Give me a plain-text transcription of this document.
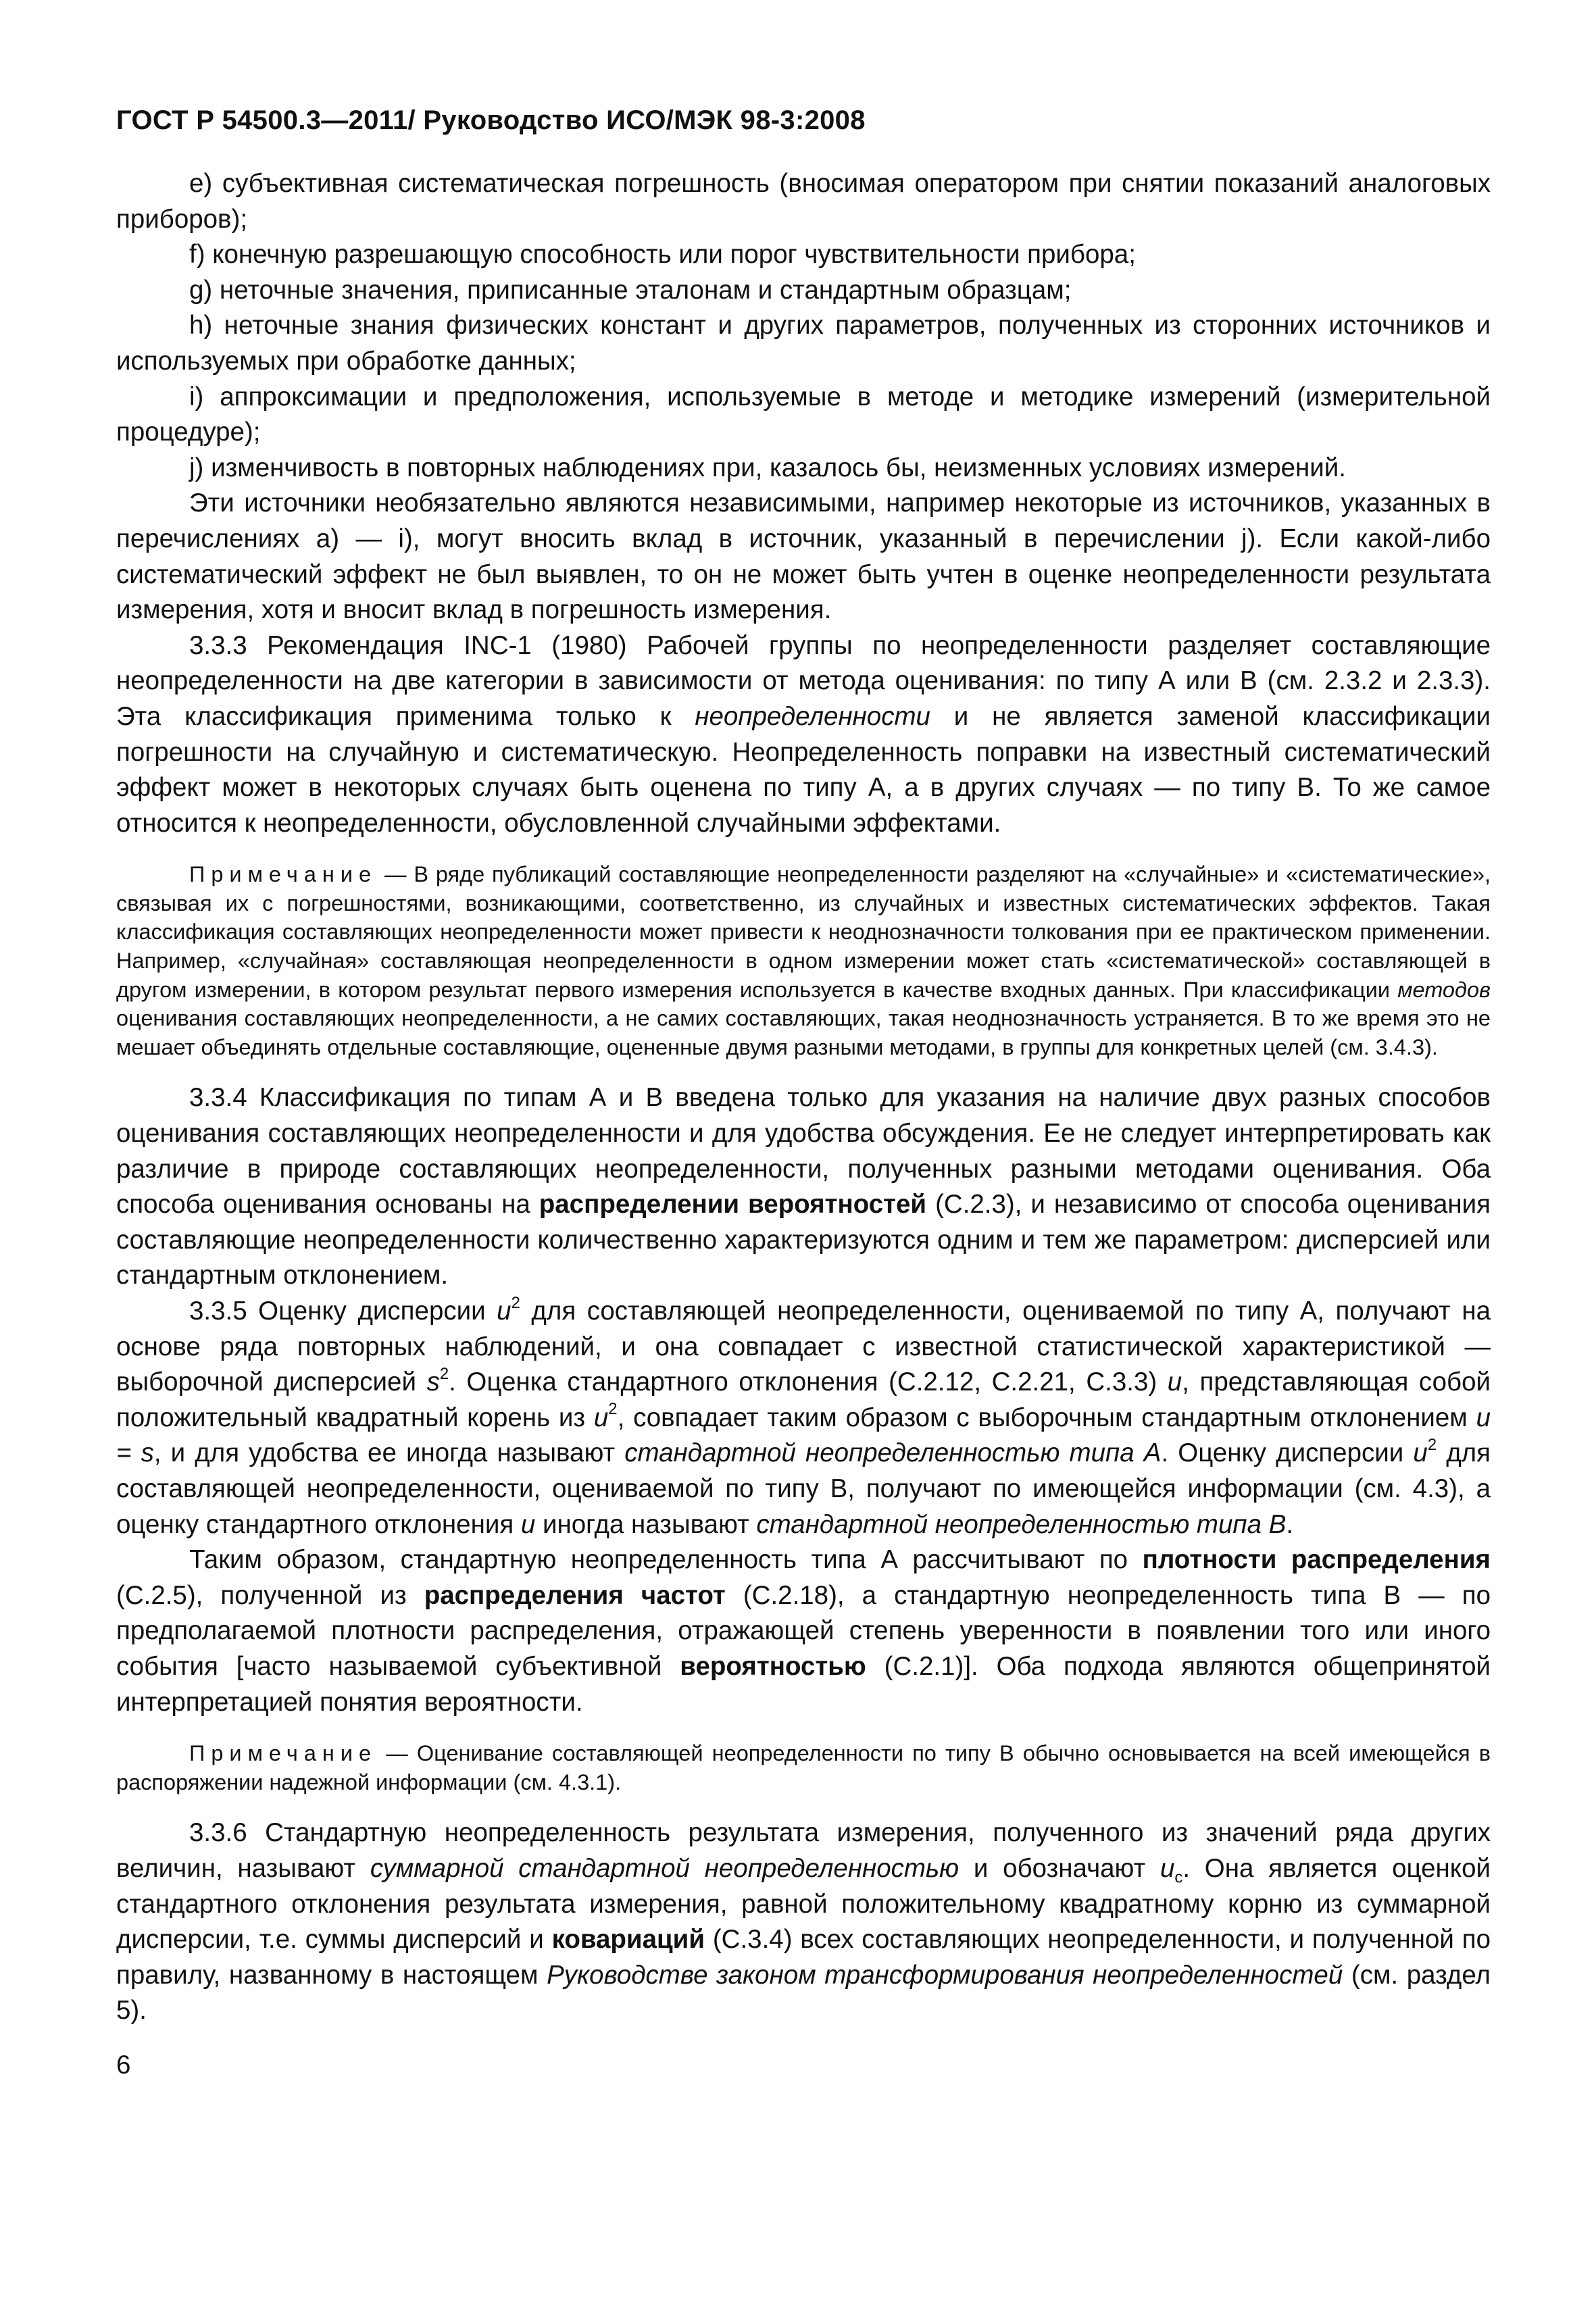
ГОСТ Р 54500.3—2011/ Руководство ИСО/МЭК 98-3:2008

е) субъективная систематическая погрешность (вносимая оператором при снятии показаний аналоговых приборов);

f) конечную разрешающую способность или порог чувствительности прибора;

g) неточные значения, приписанные эталонам и стандартным образцам;

h) неточные знания физических констант и других параметров, полученных из сторонних источников и используемых при обработке данных;

i) аппроксимации и предположения, используемые в методе и методике измерений (измерительной процедуре);

j) изменчивость в повторных наблюдениях при, казалось бы, неизменных условиях измерений.

Эти источники необязательно являются независимыми, например некоторые из источников, указанных в перечислениях а) — i), могут вносить вклад в источник, указанный в перечислении j). Если какой-либо систематический эффект не был выявлен, то он не может быть учтен в оценке неопределенности результата измерения, хотя и вносит вклад в погрешность измерения.

3.3.3 Рекомендация INC-1 (1980) Рабочей группы по неопределенности разделяет составляющие неопределенности на две категории в зависимости от метода оценивания: по типу А или В (см. 2.3.2 и 2.3.3). Эта классификация применима только к неопределенности и не является заменой классификации погрешности на случайную и систематическую. Неопределенность поправки на известный систематический эффект может в некоторых случаях быть оценена по типу А, а в других случаях — по типу В. То же самое относится к неопределенности, обусловленной случайными эффектами.

Примечание — В ряде публикаций составляющие неопределенности разделяют на «случайные» и «систематические», связывая их с погрешностями, возникающими, соответственно, из случайных и известных систематических эффектов. Такая классификация составляющих неопределенности может привести к неоднозначности толкования при ее практическом применении. Например, «случайная» составляющая неопределенности в одном измерении может стать «систематической» составляющей в другом измерении, в котором результат первого измерения используется в качестве входных данных. При классификации методов оценивания составляющих неопределенности, а не самих составляющих, такая неоднозначность устраняется. В то же время это не мешает объединять отдельные составляющие, оцененные двумя разными методами, в группы для конкретных целей (см. 3.4.3).

3.3.4 Классификация по типам А и В введена только для указания на наличие двух разных способов оценивания составляющих неопределенности и для удобства обсуждения. Ее не следует интерпретировать как различие в природе составляющих неопределенности, полученных разными методами оценивания. Оба способа оценивания основаны на распределении вероятностей (С.2.3), и независимо от способа оценивания составляющие неопределенности количественно характеризуются одним и тем же параметром: дисперсией или стандартным отклонением.

3.3.5 Оценку дисперсии $u^2$ для составляющей неопределенности, оцениваемой по типу А, получают на основе ряда повторных наблюдений, и она совпадает с известной статистической характеристикой — выборочной дисперсией $s^2$. Оценка стандартного отклонения (С.2.12, С.2.21, С.3.3) u, представляющая собой положительный квадратный корень из $u^2$, совпадает таким образом с выборочным стандартным отклонением u = s, и для удобства ее иногда называют стандартной неопределенностью типа А. Оценку дисперсии $u^2$ для составляющей неопределенности, оцениваемой по типу В, получают по имеющейся информации (см. 4.3), а оценку стандартного отклонения u иногда называют стандартной неопределенностью типа В.

Таким образом, стандартную неопределенность типа А рассчитывают по плотности распределения (С.2.5), полученной из распределения частот (С.2.18), а стандартную неопределенность типа В — по предполагаемой плотности распределения, отражающей степень уверенности в появлении того или иного события [часто называемой субъективной вероятностью (С.2.1)]. Оба подхода являются общепринятой интерпретацией понятия вероятности.

Примечание — Оценивание составляющей неопределенности по типу В обычно основывается на всей имеющейся в распоряжении надежной информации (см. 4.3.1).

3.3.6 Стандартную неопределенность результата измерения, полученного из значений ряда других величин, называют суммарной стандартной неопределенностью и обозначают $u_c$. Она является оценкой стандартного отклонения результата измерения, равной положительному квадратному корню из суммарной дисперсии, т.е. суммы дисперсий и ковариаций (С.3.4) всех составляющих неопределенности, и полученной по правилу, названному в настоящем Руководстве законом трансформирования неопределенностей (см. раздел 5).

6
